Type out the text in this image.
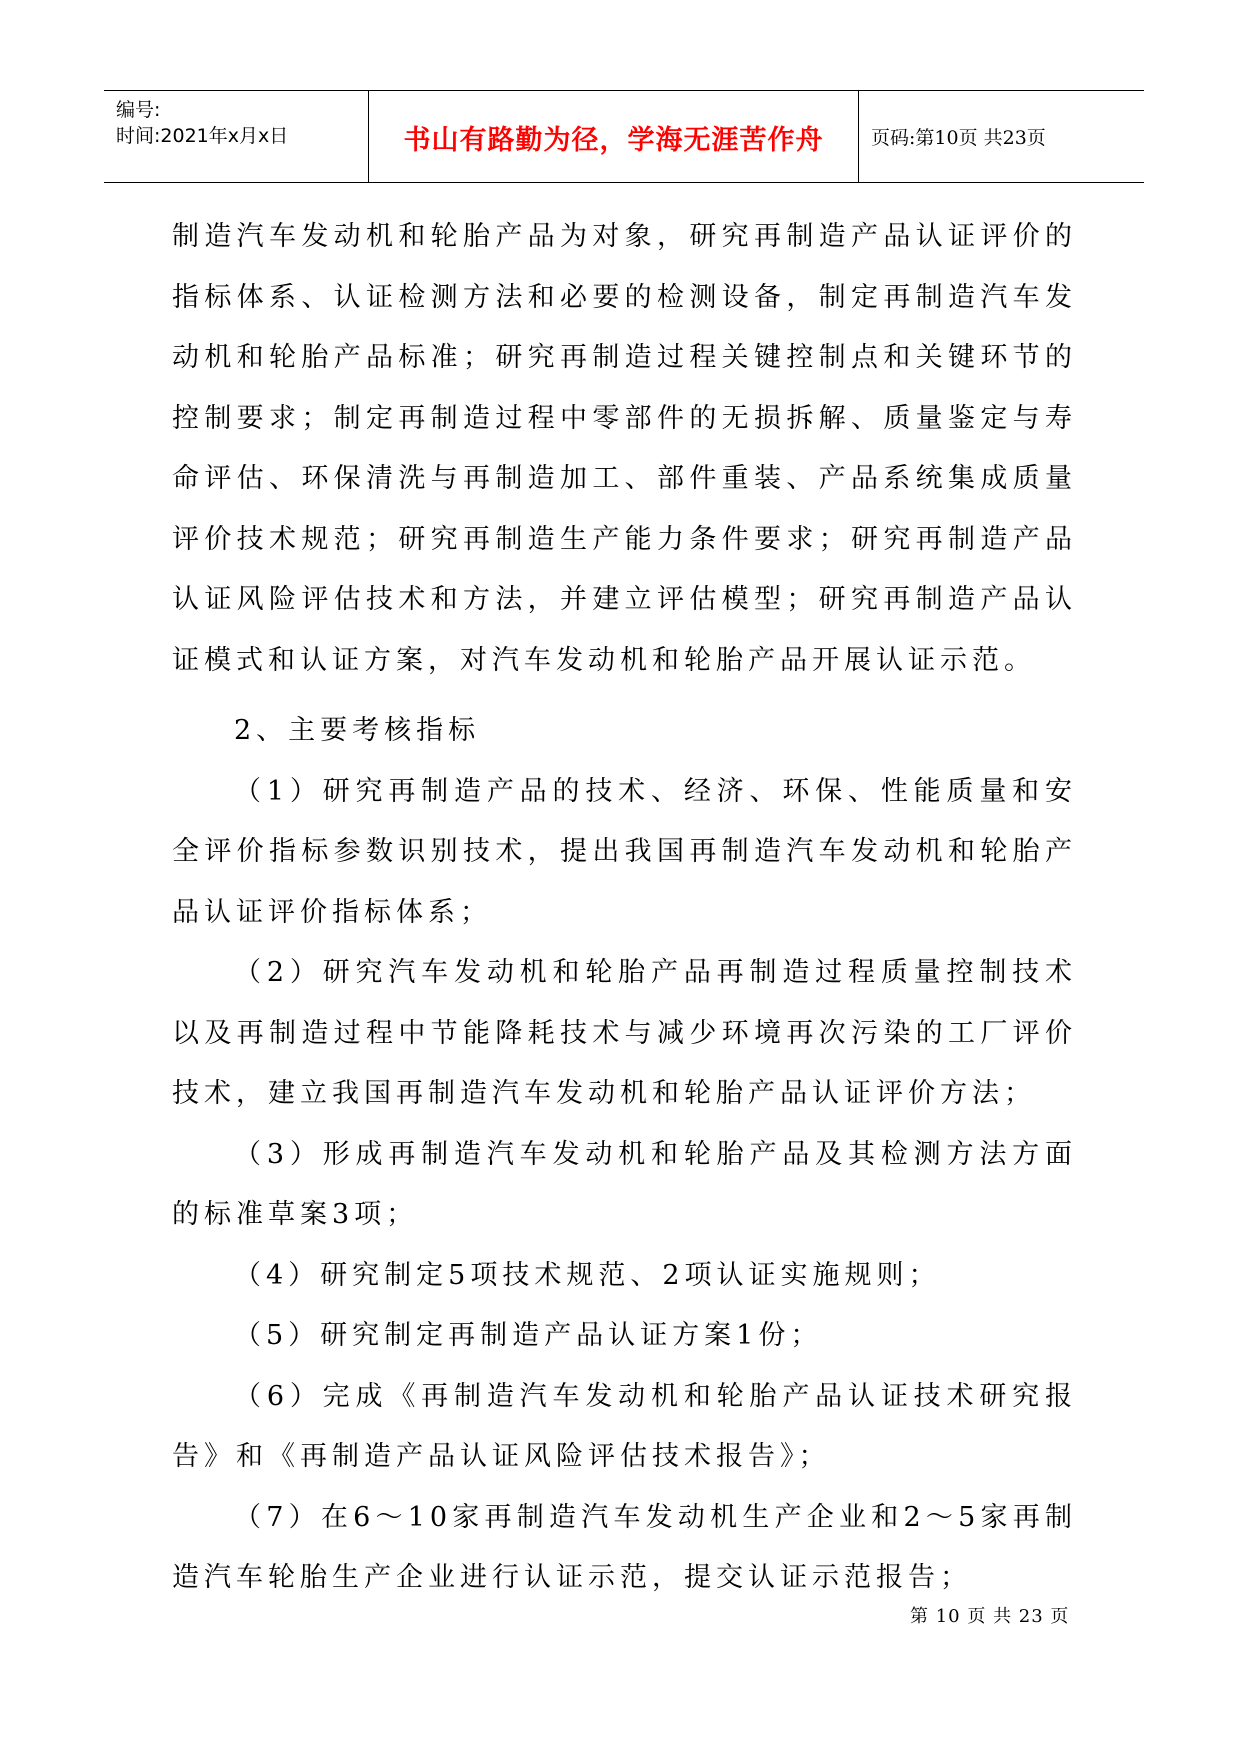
编号:
时间:2021年x月x日	书山有路勤为径，学海无涯苦作舟	页码:第10页 共23页

制造汽车发动机和轮胎产品为对象，研究再制造产品认证评价的指标体系、认证检测方法和必要的检测设备，制定再制造汽车发动机和轮胎产品标准；研究再制造过程关键控制点和关键环节的控制要求；制定再制造过程中零部件的无损拆解、质量鉴定与寿命评估、环保清洗与再制造加工、部件重装、产品系统集成质量评价技术规范；研究再制造生产能力条件要求；研究再制造产品认证风险评估技术和方法，并建立评估模型；研究再制造产品认证模式和认证方案，对汽车发动机和轮胎产品开展认证示范。

2、主要考核指标

（1）研究再制造产品的技术、经济、环保、性能质量和安全评价指标参数识别技术，提出我国再制造汽车发动机和轮胎产品认证评价指标体系；

（2）研究汽车发动机和轮胎产品再制造过程质量控制技术以及再制造过程中节能降耗技术与减少环境再次污染的工厂评价技术，建立我国再制造汽车发动机和轮胎产品认证评价方法；

（3）形成再制造汽车发动机和轮胎产品及其检测方法方面的标准草案3项；

（4）研究制定5项技术规范、2项认证实施规则；

（5）研究制定再制造产品认证方案1份；

（6）完成《再制造汽车发动机和轮胎产品认证技术研究报告》和《再制造产品认证风险评估技术报告》；

（7）在6～10家再制造汽车发动机生产企业和2～5家再制造汽车轮胎生产企业进行认证示范，提交认证示范报告；

第 10 页 共 23 页
